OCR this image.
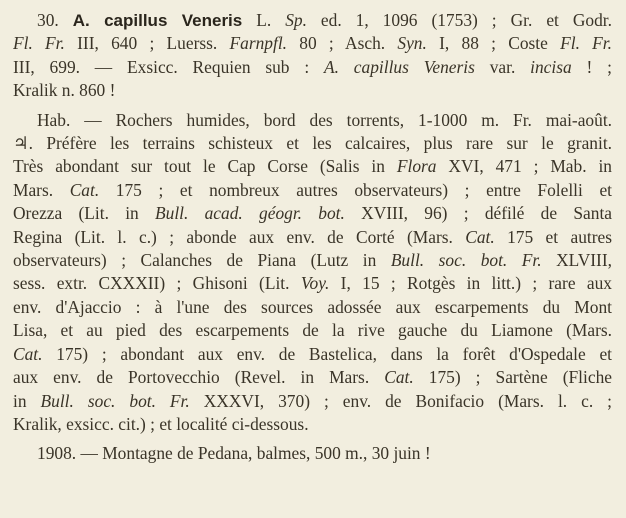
30. A. capillus Veneris L. Sp. ed. 1, 1096 (1753) ; Gr. et Godr.
Fl. Fr. III, 640 ; Luerss. Farnpfl. 80 ; Asch. Syn. I, 88 ; Coste Fl. Fr.
III, 699. — Exsicc. Requien sub : A. capillus Veneris var. incisa ! ;
Kralik n. 860 !
Hab. — Rochers humides, bord des torrents, 1-1000 m. Fr. mai-août.
♃. Préfère les terrains schisteux et les calcaires, plus rare sur le granit.
Très abondant sur tout le Cap Corse (Salis in Flora XVI, 471 ; Mab. in
Mars. Cat. 175 ; et nombreux autres observateurs) ; entre Folelli et
Orezza (Lit. in Bull. acad. géogr. bot. XVIII, 96) ; défilé de Santa
Regina (Lit. l. c.) ; abonde aux env. de Corté (Mars. Cat. 175 et autres
observateurs) ; Calanches de Piana (Lutz in Bull. soc. bot. Fr. XLVIII,
sess. extr. CXXXII) ; Ghisoni (Lit. Voy. I, 15 ; Rotgès in litt.) ; rare aux
env. d'Ajaccio : à l'une des sources adossée aux escarpements du Mont
Lisa, et au pied des escarpements de la rive gauche du Liamone (Mars.
Cat. 175) ; abondant aux env. de Bastelica, dans la forêt d'Ospedale et
aux env. de Portovecchio (Revel. in Mars. Cat. 175) ; Sartène (Fliche
in Bull. soc. bot. Fr. XXXVI, 370) ; env. de Bonifacio (Mars. l. c. ;
Kralik, exsicc. cit.) ; et localité ci-dessous.
1908. — Montagne de Pedana, balmes, 500 m., 30 juin !
